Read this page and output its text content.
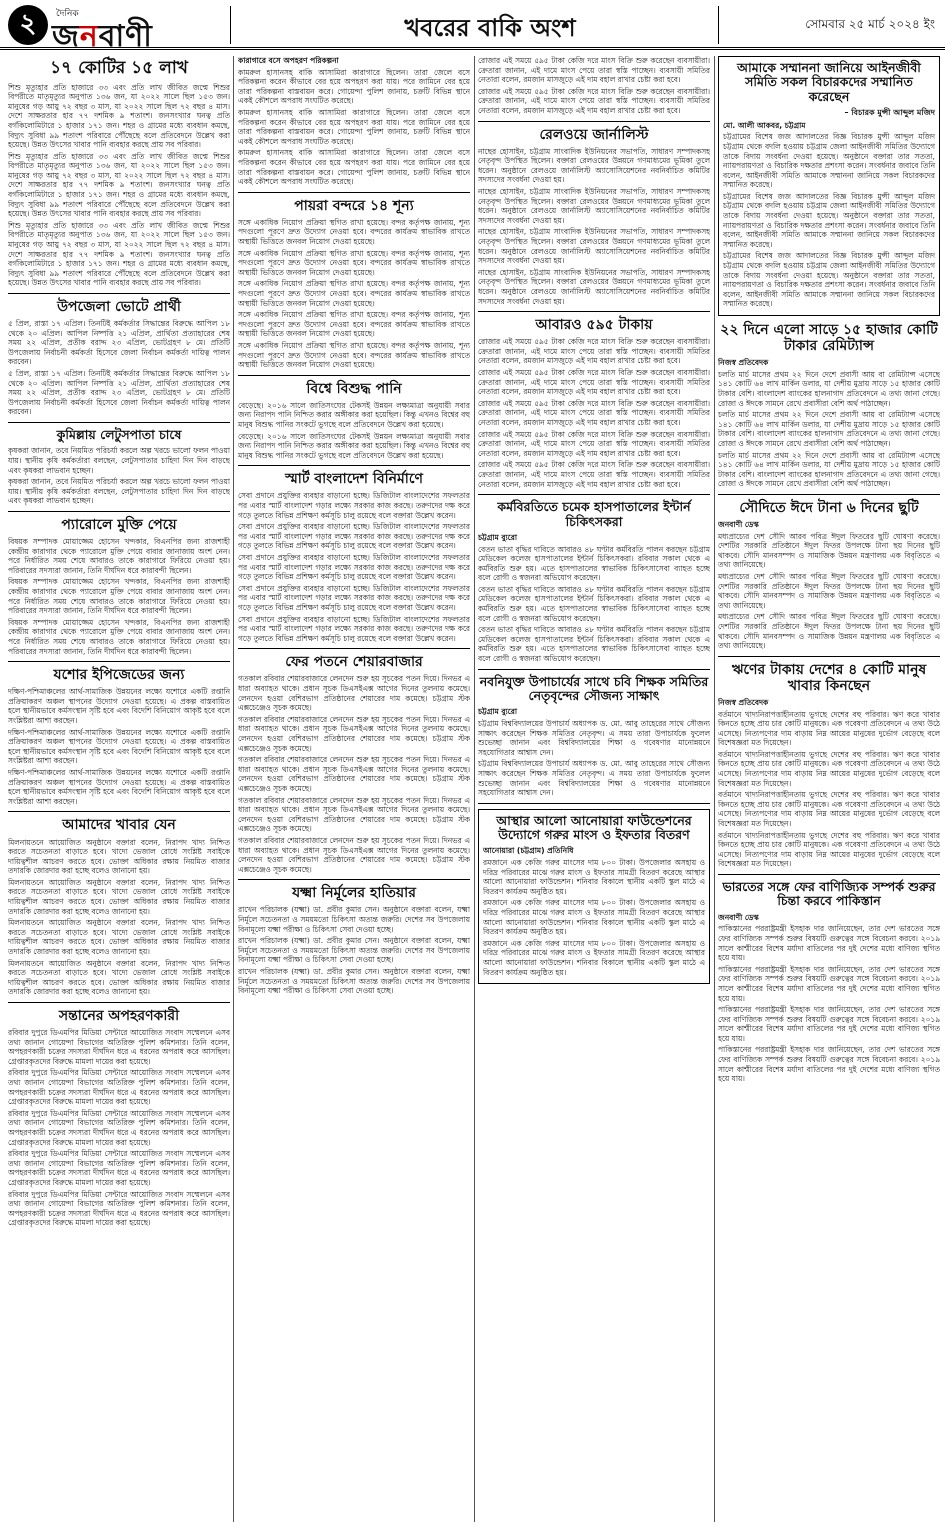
২	দৈনিক
জনবাণী	খবরের বাকি অংশ	সোমবার ২৫ মার্চ ২০২৪ ইং
১৭ কোটির ১৫ লাখ

শিশু মৃত্যুহার প্রতি হাজারে ৩৩ এবং প্রতি লাখ জীবিত জন্মে শিশুর বিপরীতে মাতৃমৃত্যুর অনুপাত ১৩৬ জন, যা ২০২২ সালে ছিল ১৫৩ জন। মানুষের গড় আয়ু ৭২ বছর ৩ মাস, যা ২০২২ সালে ছিল ৭২ বছর ৪ মাস। দেশে সাক্ষরতার হার ৭৭ দশমিক ৯ শতাংশ। জনসংখ্যার ঘনত্ব প্রতি বর্গকিলোমিটারে ১ হাজার ১৭১ জন। শহর ও গ্রামের মধ্যে ব্যবধান কমছে, বিদ্যুৎ সুবিধা ৯৯ শতাংশ পরিবারে পৌঁছেছে বলে প্রতিবেদনে উল্লেখ করা হয়েছে। উন্নত উৎসের খাবার পানি ব্যবহার করছে প্রায় সব পরিবার।

শিশু মৃত্যুহার প্রতি হাজারে ৩৩ এবং প্রতি লাখ জীবিত জন্মে শিশুর বিপরীতে মাতৃমৃত্যুর অনুপাত ১৩৬ জন, যা ২০২২ সালে ছিল ১৫৩ জন। মানুষের গড় আয়ু ৭২ বছর ৩ মাস, যা ২০২২ সালে ছিল ৭২ বছর ৪ মাস। দেশে সাক্ষরতার হার ৭৭ দশমিক ৯ শতাংশ। জনসংখ্যার ঘনত্ব প্রতি বর্গকিলোমিটারে ১ হাজার ১৭১ জন। শহর ও গ্রামের মধ্যে ব্যবধান কমছে, বিদ্যুৎ সুবিধা ৯৯ শতাংশ পরিবারে পৌঁছেছে বলে প্রতিবেদনে উল্লেখ করা হয়েছে। উন্নত উৎসের খাবার পানি ব্যবহার করছে প্রায় সব পরিবার।

শিশু মৃত্যুহার প্রতি হাজারে ৩৩ এবং প্রতি লাখ জীবিত জন্মে শিশুর বিপরীতে মাতৃমৃত্যুর অনুপাত ১৩৬ জন, যা ২০২২ সালে ছিল ১৫৩ জন। মানুষের গড় আয়ু ৭২ বছর ৩ মাস, যা ২০২২ সালে ছিল ৭২ বছর ৪ মাস। দেশে সাক্ষরতার হার ৭৭ দশমিক ৯ শতাংশ। জনসংখ্যার ঘনত্ব প্রতি বর্গকিলোমিটারে ১ হাজার ১৭১ জন। শহর ও গ্রামের মধ্যে ব্যবধান কমছে, বিদ্যুৎ সুবিধা ৯৯ শতাংশ পরিবারে পৌঁছেছে বলে প্রতিবেদনে উল্লেখ করা হয়েছে। উন্নত উৎসের খাবার পানি ব্যবহার করছে প্রায় সব পরিবার।

উপজেলা ভোটে প্রার্থী

৫ প্রিল, রাস্তা ১৭ এপ্রিল। তিনটিই কর্মকর্তার সিদ্ধান্তের বিরুদ্ধে আপিল ১৮ থেকে ২০ এপ্রিল। আপিল নিষ্পত্তি ২১ এপ্রিল, প্রার্থিতা প্রত্যাহারের শেষ সময় ২২ এপ্রিল, প্রতীক বরাদ্দ ২৩ এপ্রিল, ভোটগ্রহণ ৮ মে। প্রতিটি উপজেলায় নির্বাচনী কর্মকর্তা হিসেবে জেলা নির্বাচন কর্মকর্তা দায়িত্ব পালন করবেন।

৫ প্রিল, রাস্তা ১৭ এপ্রিল। তিনটিই কর্মকর্তার সিদ্ধান্তের বিরুদ্ধে আপিল ১৮ থেকে ২০ এপ্রিল। আপিল নিষ্পত্তি ২১ এপ্রিল, প্রার্থিতা প্রত্যাহারের শেষ সময় ২২ এপ্রিল, প্রতীক বরাদ্দ ২৩ এপ্রিল, ভোটগ্রহণ ৮ মে। প্রতিটি উপজেলায় নির্বাচনী কর্মকর্তা হিসেবে জেলা নির্বাচন কর্মকর্তা দায়িত্ব পালন করবেন।

কুমিল্লায় লেটুসপাতা চাষে

কৃষকরা জানান, তবে নিয়মিত পরিচর্যা করলে অল্প খরচে ভালো ফলন পাওয়া যায়। স্থানীয় কৃষি কর্মকর্তারা বলছেন, লেটুসপাতার চাহিদা দিন দিন বাড়ছে এবং কৃষকরা লাভবান হচ্ছেন।

কৃষকরা জানান, তবে নিয়মিত পরিচর্যা করলে অল্প খরচে ভালো ফলন পাওয়া যায়। স্থানীয় কৃষি কর্মকর্তারা বলছেন, লেটুসপাতার চাহিদা দিন দিন বাড়ছে এবং কৃষকরা লাভবান হচ্ছেন।

প্যারোলে মুক্তি পেয়ে

বিষয়ক সম্পাদক মোয়াজ্জেম হোসেন খন্দকার, বিএনপির জন্য রাজশাহী কেন্দ্রীয় কারাগার থেকে প্যারোলে মুক্তি পেয়ে বাবার জানাজায় অংশ নেন। পরে নির্ধারিত সময় শেষে আবারও তাকে কারাগারে ফিরিয়ে নেওয়া হয়। পরিবারের সদস্যরা জানান, তিনি দীর্ঘদিন ধরে কারাবন্দী ছিলেন।

বিষয়ক সম্পাদক মোয়াজ্জেম হোসেন খন্দকার, বিএনপির জন্য রাজশাহী কেন্দ্রীয় কারাগার থেকে প্যারোলে মুক্তি পেয়ে বাবার জানাজায় অংশ নেন। পরে নির্ধারিত সময় শেষে আবারও তাকে কারাগারে ফিরিয়ে নেওয়া হয়। পরিবারের সদস্যরা জানান, তিনি দীর্ঘদিন ধরে কারাবন্দী ছিলেন।

বিষয়ক সম্পাদক মোয়াজ্জেম হোসেন খন্দকার, বিএনপির জন্য রাজশাহী কেন্দ্রীয় কারাগার থেকে প্যারোলে মুক্তি পেয়ে বাবার জানাজায় অংশ নেন। পরে নির্ধারিত সময় শেষে আবারও তাকে কারাগারে ফিরিয়ে নেওয়া হয়। পরিবারের সদস্যরা জানান, তিনি দীর্ঘদিন ধরে কারাবন্দী ছিলেন।

যশোর ইপিজেডের জন্য

দক্ষিণ-পশ্চিমাঞ্চলের আর্থ-সামাজিক উন্নয়নের লক্ষ্যে যশোরে একটি রপ্তানি প্রক্রিয়াকরণ অঞ্চল স্থাপনের উদ্যোগ নেওয়া হয়েছে। এ প্রকল্প বাস্তবায়িত হলে স্থানীয়ভাবে কর্মসংস্থান সৃষ্টি হবে এবং বিদেশি বিনিয়োগ আকৃষ্ট হবে বলে সংশ্লিষ্টরা আশা করছেন।

দক্ষিণ-পশ্চিমাঞ্চলের আর্থ-সামাজিক উন্নয়নের লক্ষ্যে যশোরে একটি রপ্তানি প্রক্রিয়াকরণ অঞ্চল স্থাপনের উদ্যোগ নেওয়া হয়েছে। এ প্রকল্প বাস্তবায়িত হলে স্থানীয়ভাবে কর্মসংস্থান সৃষ্টি হবে এবং বিদেশি বিনিয়োগ আকৃষ্ট হবে বলে সংশ্লিষ্টরা আশা করছেন।

দক্ষিণ-পশ্চিমাঞ্চলের আর্থ-সামাজিক উন্নয়নের লক্ষ্যে যশোরে একটি রপ্তানি প্রক্রিয়াকরণ অঞ্চল স্থাপনের উদ্যোগ নেওয়া হয়েছে। এ প্রকল্প বাস্তবায়িত হলে স্থানীয়ভাবে কর্মসংস্থান সৃষ্টি হবে এবং বিদেশি বিনিয়োগ আকৃষ্ট হবে বলে সংশ্লিষ্টরা আশা করছেন।

আমাদের খাবার যেন

মিলনায়তনে আয়োজিত অনুষ্ঠানে বক্তারা বলেন, নিরাপদ খাদ্য নিশ্চিত করতে সচেতনতা বাড়াতে হবে। খাদ্যে ভেজাল রোধে সংশ্লিষ্ট সবাইকে দায়িত্বশীল আচরণ করতে হবে। ভোক্তা অধিকার রক্ষায় নিয়মিত বাজার তদারকি জোরদার করা হচ্ছে বলেও জানানো হয়।

মিলনায়তনে আয়োজিত অনুষ্ঠানে বক্তারা বলেন, নিরাপদ খাদ্য নিশ্চিত করতে সচেতনতা বাড়াতে হবে। খাদ্যে ভেজাল রোধে সংশ্লিষ্ট সবাইকে দায়িত্বশীল আচরণ করতে হবে। ভোক্তা অধিকার রক্ষায় নিয়মিত বাজার তদারকি জোরদার করা হচ্ছে বলেও জানানো হয়।

মিলনায়তনে আয়োজিত অনুষ্ঠানে বক্তারা বলেন, নিরাপদ খাদ্য নিশ্চিত করতে সচেতনতা বাড়াতে হবে। খাদ্যে ভেজাল রোধে সংশ্লিষ্ট সবাইকে দায়িত্বশীল আচরণ করতে হবে। ভোক্তা অধিকার রক্ষায় নিয়মিত বাজার তদারকি জোরদার করা হচ্ছে বলেও জানানো হয়।

মিলনায়তনে আয়োজিত অনুষ্ঠানে বক্তারা বলেন, নিরাপদ খাদ্য নিশ্চিত করতে সচেতনতা বাড়াতে হবে। খাদ্যে ভেজাল রোধে সংশ্লিষ্ট সবাইকে দায়িত্বশীল আচরণ করতে হবে। ভোক্তা অধিকার রক্ষায় নিয়মিত বাজার তদারকি জোরদার করা হচ্ছে বলেও জানানো হয়।

সন্তানের অপহরণকারী

রবিবার দুপুরে ডিএমপির মিডিয়া সেন্টারে আয়োজিত সংবাদ সম্মেলনে এসব তথ্য জানান গোয়েন্দা বিভাগের অতিরিক্ত পুলিশ কমিশনার। তিনি বলেন, অপহরণকারী চক্রের সদস্যরা দীর্ঘদিন ধরে এ ধরনের অপরাধ করে আসছিল। গ্রেপ্তারকৃতদের বিরুদ্ধে মামলা দায়ের করা হয়েছে।

রবিবার দুপুরে ডিএমপির মিডিয়া সেন্টারে আয়োজিত সংবাদ সম্মেলনে এসব তথ্য জানান গোয়েন্দা বিভাগের অতিরিক্ত পুলিশ কমিশনার। তিনি বলেন, অপহরণকারী চক্রের সদস্যরা দীর্ঘদিন ধরে এ ধরনের অপরাধ করে আসছিল। গ্রেপ্তারকৃতদের বিরুদ্ধে মামলা দায়ের করা হয়েছে।

রবিবার দুপুরে ডিএমপির মিডিয়া সেন্টারে আয়োজিত সংবাদ সম্মেলনে এসব তথ্য জানান গোয়েন্দা বিভাগের অতিরিক্ত পুলিশ কমিশনার। তিনি বলেন, অপহরণকারী চক্রের সদস্যরা দীর্ঘদিন ধরে এ ধরনের অপরাধ করে আসছিল। গ্রেপ্তারকৃতদের বিরুদ্ধে মামলা দায়ের করা হয়েছে।

রবিবার দুপুরে ডিএমপির মিডিয়া সেন্টারে আয়োজিত সংবাদ সম্মেলনে এসব তথ্য জানান গোয়েন্দা বিভাগের অতিরিক্ত পুলিশ কমিশনার। তিনি বলেন, অপহরণকারী চক্রের সদস্যরা দীর্ঘদিন ধরে এ ধরনের অপরাধ করে আসছিল। গ্রেপ্তারকৃতদের বিরুদ্ধে মামলা দায়ের করা হয়েছে।

রবিবার দুপুরে ডিএমপির মিডিয়া সেন্টারে আয়োজিত সংবাদ সম্মেলনে এসব তথ্য জানান গোয়েন্দা বিভাগের অতিরিক্ত পুলিশ কমিশনার। তিনি বলেন, অপহরণকারী চক্রের সদস্যরা দীর্ঘদিন ধরে এ ধরনের অপরাধ করে আসছিল। গ্রেপ্তারকৃতদের বিরুদ্ধে মামলা দায়ের করা হয়েছে।

কারাগারে বসে অপহরণ পরিকল্পনা

কামরুল হাসানসহ বাকি আসামিরা কারাগারে ছিলেন। তারা জেলে বসে পরিকল্পনা করেন কীভাবে বের হয়ে অপহরণ করা যায়। পরে জামিনে বের হয়ে তারা পরিকল্পনা বাস্তবায়ন করে। গোয়েন্দা পুলিশ জানায়, চক্রটি বিভিন্ন স্থানে একই কৌশলে অপরাধ সংঘটিত করেছে।

কামরুল হাসানসহ বাকি আসামিরা কারাগারে ছিলেন। তারা জেলে বসে পরিকল্পনা করেন কীভাবে বের হয়ে অপহরণ করা যায়। পরে জামিনে বের হয়ে তারা পরিকল্পনা বাস্তবায়ন করে। গোয়েন্দা পুলিশ জানায়, চক্রটি বিভিন্ন স্থানে একই কৌশলে অপরাধ সংঘটিত করেছে।

কামরুল হাসানসহ বাকি আসামিরা কারাগারে ছিলেন। তারা জেলে বসে পরিকল্পনা করেন কীভাবে বের হয়ে অপহরণ করা যায়। পরে জামিনে বের হয়ে তারা পরিকল্পনা বাস্তবায়ন করে। গোয়েন্দা পুলিশ জানায়, চক্রটি বিভিন্ন স্থানে একই কৌশলে অপরাধ সংঘটিত করেছে।

পায়রা বন্দরে ১৪ শূন্য

সঙ্গে একাধিক নিয়োগ প্রক্রিয়া স্থগিত রাখা হয়েছে। বন্দর কর্তৃপক্ষ জানায়, শূন্য পদগুলো পূরণে দ্রুত উদ্যোগ নেওয়া হবে। বন্দরের কার্যক্রম স্বাভাবিক রাখতে অস্থায়ী ভিত্তিতে জনবল নিয়োগ দেওয়া হয়েছে।

সঙ্গে একাধিক নিয়োগ প্রক্রিয়া স্থগিত রাখা হয়েছে। বন্দর কর্তৃপক্ষ জানায়, শূন্য পদগুলো পূরণে দ্রুত উদ্যোগ নেওয়া হবে। বন্দরের কার্যক্রম স্বাভাবিক রাখতে অস্থায়ী ভিত্তিতে জনবল নিয়োগ দেওয়া হয়েছে।

সঙ্গে একাধিক নিয়োগ প্রক্রিয়া স্থগিত রাখা হয়েছে। বন্দর কর্তৃপক্ষ জানায়, শূন্য পদগুলো পূরণে দ্রুত উদ্যোগ নেওয়া হবে। বন্দরের কার্যক্রম স্বাভাবিক রাখতে অস্থায়ী ভিত্তিতে জনবল নিয়োগ দেওয়া হয়েছে।

সঙ্গে একাধিক নিয়োগ প্রক্রিয়া স্থগিত রাখা হয়েছে। বন্দর কর্তৃপক্ষ জানায়, শূন্য পদগুলো পূরণে দ্রুত উদ্যোগ নেওয়া হবে। বন্দরের কার্যক্রম স্বাভাবিক রাখতে অস্থায়ী ভিত্তিতে জনবল নিয়োগ দেওয়া হয়েছে।

সঙ্গে একাধিক নিয়োগ প্রক্রিয়া স্থগিত রাখা হয়েছে। বন্দর কর্তৃপক্ষ জানায়, শূন্য পদগুলো পূরণে দ্রুত উদ্যোগ নেওয়া হবে। বন্দরের কার্যক্রম স্বাভাবিক রাখতে অস্থায়ী ভিত্তিতে জনবল নিয়োগ দেওয়া হয়েছে।

বিশ্বে বিশুদ্ধ পানি

বেড়েছে। ২০১৬ সালে জাতিসংঘের টেকসই উন্নয়ন লক্ষ্যমাত্রা অনুযায়ী সবার জন্য নিরাপদ পানি নিশ্চিত করার অঙ্গীকার করা হয়েছিল। কিন্তু এখনও বিশ্বের বহু মানুষ বিশুদ্ধ পানির সংকটে ভুগছে বলে প্রতিবেদনে উল্লেখ করা হয়েছে।

বেড়েছে। ২০১৬ সালে জাতিসংঘের টেকসই উন্নয়ন লক্ষ্যমাত্রা অনুযায়ী সবার জন্য নিরাপদ পানি নিশ্চিত করার অঙ্গীকার করা হয়েছিল। কিন্তু এখনও বিশ্বের বহু মানুষ বিশুদ্ধ পানির সংকটে ভুগছে বলে প্রতিবেদনে উল্লেখ করা হয়েছে।

স্মার্ট বাংলাদেশ বিনির্মাণে

সেবা প্রদানে প্রযুক্তির ব্যবহার বাড়ানো হচ্ছে। ডিজিটাল বাংলাদেশের সফলতার পর এবার স্মার্ট বাংলাদেশ গড়ার লক্ষ্যে সরকার কাজ করছে। তরুণদের দক্ষ করে গড়ে তুলতে বিভিন্ন প্রশিক্ষণ কর্মসূচি চালু রয়েছে বলে বক্তারা উল্লেখ করেন।

সেবা প্রদানে প্রযুক্তির ব্যবহার বাড়ানো হচ্ছে। ডিজিটাল বাংলাদেশের সফলতার পর এবার স্মার্ট বাংলাদেশ গড়ার লক্ষ্যে সরকার কাজ করছে। তরুণদের দক্ষ করে গড়ে তুলতে বিভিন্ন প্রশিক্ষণ কর্মসূচি চালু রয়েছে বলে বক্তারা উল্লেখ করেন।

সেবা প্রদানে প্রযুক্তির ব্যবহার বাড়ানো হচ্ছে। ডিজিটাল বাংলাদেশের সফলতার পর এবার স্মার্ট বাংলাদেশ গড়ার লক্ষ্যে সরকার কাজ করছে। তরুণদের দক্ষ করে গড়ে তুলতে বিভিন্ন প্রশিক্ষণ কর্মসূচি চালু রয়েছে বলে বক্তারা উল্লেখ করেন।

সেবা প্রদানে প্রযুক্তির ব্যবহার বাড়ানো হচ্ছে। ডিজিটাল বাংলাদেশের সফলতার পর এবার স্মার্ট বাংলাদেশ গড়ার লক্ষ্যে সরকার কাজ করছে। তরুণদের দক্ষ করে গড়ে তুলতে বিভিন্ন প্রশিক্ষণ কর্মসূচি চালু রয়েছে বলে বক্তারা উল্লেখ করেন।

সেবা প্রদানে প্রযুক্তির ব্যবহার বাড়ানো হচ্ছে। ডিজিটাল বাংলাদেশের সফলতার পর এবার স্মার্ট বাংলাদেশ গড়ার লক্ষ্যে সরকার কাজ করছে। তরুণদের দক্ষ করে গড়ে তুলতে বিভিন্ন প্রশিক্ষণ কর্মসূচি চালু রয়েছে বলে বক্তারা উল্লেখ করেন।

ফের পতনে শেয়ারবাজার

গতকাল রবিবার শেয়ারবাজারে লেনদেন শুরু হয় সূচকের পতন দিয়ে। দিনভর এ ধারা অব্যাহত থাকে। প্রধান সূচক ডিএসইএক্স আগের দিনের তুলনায় কমেছে। লেনদেন হওয়া বেশিরভাগ প্রতিষ্ঠানের শেয়ারের দাম কমেছে। চট্টগ্রাম স্টক এক্সচেঞ্জেও সূচক কমেছে।

গতকাল রবিবার শেয়ারবাজারে লেনদেন শুরু হয় সূচকের পতন দিয়ে। দিনভর এ ধারা অব্যাহত থাকে। প্রধান সূচক ডিএসইএক্স আগের দিনের তুলনায় কমেছে। লেনদেন হওয়া বেশিরভাগ প্রতিষ্ঠানের শেয়ারের দাম কমেছে। চট্টগ্রাম স্টক এক্সচেঞ্জেও সূচক কমেছে।

গতকাল রবিবার শেয়ারবাজারে লেনদেন শুরু হয় সূচকের পতন দিয়ে। দিনভর এ ধারা অব্যাহত থাকে। প্রধান সূচক ডিএসইএক্স আগের দিনের তুলনায় কমেছে। লেনদেন হওয়া বেশিরভাগ প্রতিষ্ঠানের শেয়ারের দাম কমেছে। চট্টগ্রাম স্টক এক্সচেঞ্জেও সূচক কমেছে।

গতকাল রবিবার শেয়ারবাজারে লেনদেন শুরু হয় সূচকের পতন দিয়ে। দিনভর এ ধারা অব্যাহত থাকে। প্রধান সূচক ডিএসইএক্স আগের দিনের তুলনায় কমেছে। লেনদেন হওয়া বেশিরভাগ প্রতিষ্ঠানের শেয়ারের দাম কমেছে। চট্টগ্রাম স্টক এক্সচেঞ্জেও সূচক কমেছে।

গতকাল রবিবার শেয়ারবাজারে লেনদেন শুরু হয় সূচকের পতন দিয়ে। দিনভর এ ধারা অব্যাহত থাকে। প্রধান সূচক ডিএসইএক্স আগের দিনের তুলনায় কমেছে। লেনদেন হওয়া বেশিরভাগ প্রতিষ্ঠানের শেয়ারের দাম কমেছে। চট্টগ্রাম স্টক এক্সচেঞ্জেও সূচক কমেছে।

যক্ষ্মা নির্মূলের হাতিয়ার

রাখেন পরিচালক (যক্ষ্মা) ডা. প্রবীর কুমার সেন। অনুষ্ঠানে বক্তারা বলেন, যক্ষ্মা নির্মূলে সচেতনতা ও সময়মতো চিকিৎসা অত্যন্ত জরুরি। দেশের সব উপজেলায় বিনামূল্যে যক্ষ্মা পরীক্ষা ও চিকিৎসা সেবা দেওয়া হচ্ছে।

রাখেন পরিচালক (যক্ষ্মা) ডা. প্রবীর কুমার সেন। অনুষ্ঠানে বক্তারা বলেন, যক্ষ্মা নির্মূলে সচেতনতা ও সময়মতো চিকিৎসা অত্যন্ত জরুরি। দেশের সব উপজেলায় বিনামূল্যে যক্ষ্মা পরীক্ষা ও চিকিৎসা সেবা দেওয়া হচ্ছে।

রাখেন পরিচালক (যক্ষ্মা) ডা. প্রবীর কুমার সেন। অনুষ্ঠানে বক্তারা বলেন, যক্ষ্মা নির্মূলে সচেতনতা ও সময়মতো চিকিৎসা অত্যন্ত জরুরি। দেশের সব উপজেলায় বিনামূল্যে যক্ষ্মা পরীক্ষা ও চিকিৎসা সেবা দেওয়া হচ্ছে।

রোজার এই সময়ে ৫৯৫ টাকা কেজি দরে মাংস বিক্রি শুরু করেছেন ব্যবসায়ীরা। ক্রেতারা জানান, এই দামে মাংস পেয়ে তারা স্বস্তি পাচ্ছেন। ব্যবসায়ী সমিতির নেতারা বলেন, রমজান মাসজুড়ে এই দাম বহাল রাখার চেষ্টা করা হবে।

রোজার এই সময়ে ৫৯৫ টাকা কেজি দরে মাংস বিক্রি শুরু করেছেন ব্যবসায়ীরা। ক্রেতারা জানান, এই দামে মাংস পেয়ে তারা স্বস্তি পাচ্ছেন। ব্যবসায়ী সমিতির নেতারা বলেন, রমজান মাসজুড়ে এই দাম বহাল রাখার চেষ্টা করা হবে।

রেলওয়ে জার্নালিস্ট

নাছের হোসাইন, চট্টগ্রাম সাংবাদিক ইউনিয়নের সভাপতি, সাধারণ সম্পাদকসহ নেতৃবৃন্দ উপস্থিত ছিলেন। বক্তারা রেলওয়ের উন্নয়নে গণমাধ্যমের ভূমিকা তুলে ধরেন। অনুষ্ঠানে রেলওয়ে জার্নালিস্ট অ্যাসোসিয়েশনের নবনির্বাচিত কমিটির সদস্যদের সংবর্ধনা দেওয়া হয়।

নাছের হোসাইন, চট্টগ্রাম সাংবাদিক ইউনিয়নের সভাপতি, সাধারণ সম্পাদকসহ নেতৃবৃন্দ উপস্থিত ছিলেন। বক্তারা রেলওয়ের উন্নয়নে গণমাধ্যমের ভূমিকা তুলে ধরেন। অনুষ্ঠানে রেলওয়ে জার্নালিস্ট অ্যাসোসিয়েশনের নবনির্বাচিত কমিটির সদস্যদের সংবর্ধনা দেওয়া হয়।

নাছের হোসাইন, চট্টগ্রাম সাংবাদিক ইউনিয়নের সভাপতি, সাধারণ সম্পাদকসহ নেতৃবৃন্দ উপস্থিত ছিলেন। বক্তারা রেলওয়ের উন্নয়নে গণমাধ্যমের ভূমিকা তুলে ধরেন। অনুষ্ঠানে রেলওয়ে জার্নালিস্ট অ্যাসোসিয়েশনের নবনির্বাচিত কমিটির সদস্যদের সংবর্ধনা দেওয়া হয়।

নাছের হোসাইন, চট্টগ্রাম সাংবাদিক ইউনিয়নের সভাপতি, সাধারণ সম্পাদকসহ নেতৃবৃন্দ উপস্থিত ছিলেন। বক্তারা রেলওয়ের উন্নয়নে গণমাধ্যমের ভূমিকা তুলে ধরেন। অনুষ্ঠানে রেলওয়ে জার্নালিস্ট অ্যাসোসিয়েশনের নবনির্বাচিত কমিটির সদস্যদের সংবর্ধনা দেওয়া হয়।

আবারও ৫৯৫ টাকায়

রোজার এই সময়ে ৫৯৫ টাকা কেজি দরে মাংস বিক্রি শুরু করেছেন ব্যবসায়ীরা। ক্রেতারা জানান, এই দামে মাংস পেয়ে তারা স্বস্তি পাচ্ছেন। ব্যবসায়ী সমিতির নেতারা বলেন, রমজান মাসজুড়ে এই দাম বহাল রাখার চেষ্টা করা হবে।

রোজার এই সময়ে ৫৯৫ টাকা কেজি দরে মাংস বিক্রি শুরু করেছেন ব্যবসায়ীরা। ক্রেতারা জানান, এই দামে মাংস পেয়ে তারা স্বস্তি পাচ্ছেন। ব্যবসায়ী সমিতির নেতারা বলেন, রমজান মাসজুড়ে এই দাম বহাল রাখার চেষ্টা করা হবে।

রোজার এই সময়ে ৫৯৫ টাকা কেজি দরে মাংস বিক্রি শুরু করেছেন ব্যবসায়ীরা। ক্রেতারা জানান, এই দামে মাংস পেয়ে তারা স্বস্তি পাচ্ছেন। ব্যবসায়ী সমিতির নেতারা বলেন, রমজান মাসজুড়ে এই দাম বহাল রাখার চেষ্টা করা হবে।

রোজার এই সময়ে ৫৯৫ টাকা কেজি দরে মাংস বিক্রি শুরু করেছেন ব্যবসায়ীরা। ক্রেতারা জানান, এই দামে মাংস পেয়ে তারা স্বস্তি পাচ্ছেন। ব্যবসায়ী সমিতির নেতারা বলেন, রমজান মাসজুড়ে এই দাম বহাল রাখার চেষ্টা করা হবে।

রোজার এই সময়ে ৫৯৫ টাকা কেজি দরে মাংস বিক্রি শুরু করেছেন ব্যবসায়ীরা। ক্রেতারা জানান, এই দামে মাংস পেয়ে তারা স্বস্তি পাচ্ছেন। ব্যবসায়ী সমিতির নেতারা বলেন, রমজান মাসজুড়ে এই দাম বহাল রাখার চেষ্টা করা হবে।

কর্মবিরতিতে চমেক হাসপাতালের ইন্টার্ন চিকিৎসকরা
চট্টগ্রাম ব্যুরো

বেতন ভাতা বৃদ্ধির দাবিতে আবারও ৪৮ ঘণ্টার কর্মবিরতি পালন করছেন চট্টগ্রাম মেডিকেল কলেজ হাসপাতালের ইন্টার্ন চিকিৎসকরা। রবিবার সকাল থেকে এ কর্মবিরতি শুরু হয়। এতে হাসপাতালের স্বাভাবিক চিকিৎসাসেবা ব্যাহত হচ্ছে বলে রোগী ও স্বজনরা অভিযোগ করেছেন।

বেতন ভাতা বৃদ্ধির দাবিতে আবারও ৪৮ ঘণ্টার কর্মবিরতি পালন করছেন চট্টগ্রাম মেডিকেল কলেজ হাসপাতালের ইন্টার্ন চিকিৎসকরা। রবিবার সকাল থেকে এ কর্মবিরতি শুরু হয়। এতে হাসপাতালের স্বাভাবিক চিকিৎসাসেবা ব্যাহত হচ্ছে বলে রোগী ও স্বজনরা অভিযোগ করেছেন।

বেতন ভাতা বৃদ্ধির দাবিতে আবারও ৪৮ ঘণ্টার কর্মবিরতি পালন করছেন চট্টগ্রাম মেডিকেল কলেজ হাসপাতালের ইন্টার্ন চিকিৎসকরা। রবিবার সকাল থেকে এ কর্মবিরতি শুরু হয়। এতে হাসপাতালের স্বাভাবিক চিকিৎসাসেবা ব্যাহত হচ্ছে বলে রোগী ও স্বজনরা অভিযোগ করেছেন।

নবনিযুক্ত উপাচার্যের সাথে চবি শিক্ষক সমিতির নেতৃবৃন্দের সৌজন্য সাক্ষাৎ
চট্টগ্রাম ব্যুরো

চট্টগ্রাম বিশ্ববিদ্যালয়ের উপাচার্য অধ্যাপক ড. মো. আবু তাহেরের সাথে সৌজন্য সাক্ষাৎ করেছেন শিক্ষক সমিতির নেতৃবৃন্দ। এ সময় তারা উপাচার্যকে ফুলেল শুভেচ্ছা জানান এবং বিশ্ববিদ্যালয়ের শিক্ষা ও গবেষণার মানোন্নয়নে সহযোগিতার আশ্বাস দেন।

চট্টগ্রাম বিশ্ববিদ্যালয়ের উপাচার্য অধ্যাপক ড. মো. আবু তাহেরের সাথে সৌজন্য সাক্ষাৎ করেছেন শিক্ষক সমিতির নেতৃবৃন্দ। এ সময় তারা উপাচার্যকে ফুলেল শুভেচ্ছা জানান এবং বিশ্ববিদ্যালয়ের শিক্ষা ও গবেষণার মানোন্নয়নে সহযোগিতার আশ্বাস দেন।

আস্থার আলো আনোয়ারা ফাউন্ডেশনের উদ্যোগে গরুর মাংস ও ইফতার বিতরণ
আনোয়ারা (চট্টগ্রাম) প্রতিনিধি

রমজানে এক কেজি গরুর মাংসের দাম ৮০০ টাকা। উপজেলার অসহায় ও দরিদ্র পরিবারের মাঝে গরুর মাংস ও ইফতার সামগ্রী বিতরণ করেছে আস্থার আলো আনোয়ারা ফাউন্ডেশন। শনিবার বিকালে স্থানীয় একটি স্কুল মাঠে এ বিতরণ কার্যক্রম অনুষ্ঠিত হয়।

রমজানে এক কেজি গরুর মাংসের দাম ৮০০ টাকা। উপজেলার অসহায় ও দরিদ্র পরিবারের মাঝে গরুর মাংস ও ইফতার সামগ্রী বিতরণ করেছে আস্থার আলো আনোয়ারা ফাউন্ডেশন। শনিবার বিকালে স্থানীয় একটি স্কুল মাঠে এ বিতরণ কার্যক্রম অনুষ্ঠিত হয়।

রমজানে এক কেজি গরুর মাংসের দাম ৮০০ টাকা। উপজেলার অসহায় ও দরিদ্র পরিবারের মাঝে গরুর মাংস ও ইফতার সামগ্রী বিতরণ করেছে আস্থার আলো আনোয়ারা ফাউন্ডেশন। শনিবার বিকালে স্থানীয় একটি স্কুল মাঠে এ বিতরণ কার্যক্রম অনুষ্ঠিত হয়।

আমাকে সম্মাননা জানিয়ে আইনজীবী সমিতি সকল বিচারকদের সম্মানিত করেছেন
– বিচারক মুন্সী আব্দুল মজিদ
মো. আলী আকবর, চট্টগ্রাম

চট্টগ্রামের বিশেষ জজ আদালতের বিজ্ঞ বিচারক মুন্সী আব্দুল মজিদ চট্টগ্রাম থেকে বদলি হওয়ায় চট্টগ্রাম জেলা আইনজীবী সমিতির উদ্যোগে তাকে বিদায় সংবর্ধনা দেওয়া হয়েছে। অনুষ্ঠানে বক্তারা তার সততা, ন্যায়পরায়ণতা ও বিচারিক দক্ষতার প্রশংসা করেন। সংবর্ধনার জবাবে তিনি বলেন, আইনজীবী সমিতি আমাকে সম্মাননা জানিয়ে সকল বিচারকদের সম্মানিত করেছে।

চট্টগ্রামের বিশেষ জজ আদালতের বিজ্ঞ বিচারক মুন্সী আব্দুল মজিদ চট্টগ্রাম থেকে বদলি হওয়ায় চট্টগ্রাম জেলা আইনজীবী সমিতির উদ্যোগে তাকে বিদায় সংবর্ধনা দেওয়া হয়েছে। অনুষ্ঠানে বক্তারা তার সততা, ন্যায়পরায়ণতা ও বিচারিক দক্ষতার প্রশংসা করেন। সংবর্ধনার জবাবে তিনি বলেন, আইনজীবী সমিতি আমাকে সম্মাননা জানিয়ে সকল বিচারকদের সম্মানিত করেছে।

চট্টগ্রামের বিশেষ জজ আদালতের বিজ্ঞ বিচারক মুন্সী আব্দুল মজিদ চট্টগ্রাম থেকে বদলি হওয়ায় চট্টগ্রাম জেলা আইনজীবী সমিতির উদ্যোগে তাকে বিদায় সংবর্ধনা দেওয়া হয়েছে। অনুষ্ঠানে বক্তারা তার সততা, ন্যায়পরায়ণতা ও বিচারিক দক্ষতার প্রশংসা করেন। সংবর্ধনার জবাবে তিনি বলেন, আইনজীবী সমিতি আমাকে সম্মাননা জানিয়ে সকল বিচারকদের সম্মানিত করেছে।

২২ দিনে এলো সাড়ে ১৫ হাজার কোটি টাকার রেমিট্যান্স
নিজস্ব প্রতিবেদক

চলতি মার্চ মাসের প্রথম ২২ দিনে দেশে প্রবাসী আয় বা রেমিট্যান্স এসেছে ১৪১ কোটি ৬৪ লাখ মার্কিন ডলার, যা দেশীয় মুদ্রায় সাড়ে ১৫ হাজার কোটি টাকার বেশি। বাংলাদেশ ব্যাংকের হালনাগাদ প্রতিবেদনে এ তথ্য জানা গেছে। রোজা ও ঈদকে সামনে রেখে প্রবাসীরা বেশি অর্থ পাঠাচ্ছেন।

চলতি মার্চ মাসের প্রথম ২২ দিনে দেশে প্রবাসী আয় বা রেমিট্যান্স এসেছে ১৪১ কোটি ৬৪ লাখ মার্কিন ডলার, যা দেশীয় মুদ্রায় সাড়ে ১৫ হাজার কোটি টাকার বেশি। বাংলাদেশ ব্যাংকের হালনাগাদ প্রতিবেদনে এ তথ্য জানা গেছে। রোজা ও ঈদকে সামনে রেখে প্রবাসীরা বেশি অর্থ পাঠাচ্ছেন।

চলতি মার্চ মাসের প্রথম ২২ দিনে দেশে প্রবাসী আয় বা রেমিট্যান্স এসেছে ১৪১ কোটি ৬৪ লাখ মার্কিন ডলার, যা দেশীয় মুদ্রায় সাড়ে ১৫ হাজার কোটি টাকার বেশি। বাংলাদেশ ব্যাংকের হালনাগাদ প্রতিবেদনে এ তথ্য জানা গেছে। রোজা ও ঈদকে সামনে রেখে প্রবাসীরা বেশি অর্থ পাঠাচ্ছেন।

সৌদিতে ঈদে টানা ৬ দিনের ছুটি
জনবাণী ডেস্ক

মধ্যপ্রাচ্যের দেশ সৌদি আরব পবিত্র ঈদুল ফিতরের ছুটি ঘোষণা করেছে। দেশটির সরকারি প্রতিষ্ঠানে ঈদুল ফিতর উপলক্ষে টানা ছয় দিনের ছুটি থাকবে। সৌদি মানবসম্পদ ও সামাজিক উন্নয়ন মন্ত্রণালয় এক বিবৃতিতে এ তথ্য জানিয়েছে।

মধ্যপ্রাচ্যের দেশ সৌদি আরব পবিত্র ঈদুল ফিতরের ছুটি ঘোষণা করেছে। দেশটির সরকারি প্রতিষ্ঠানে ঈদুল ফিতর উপলক্ষে টানা ছয় দিনের ছুটি থাকবে। সৌদি মানবসম্পদ ও সামাজিক উন্নয়ন মন্ত্রণালয় এক বিবৃতিতে এ তথ্য জানিয়েছে।

মধ্যপ্রাচ্যের দেশ সৌদি আরব পবিত্র ঈদুল ফিতরের ছুটি ঘোষণা করেছে। দেশটির সরকারি প্রতিষ্ঠানে ঈদুল ফিতর উপলক্ষে টানা ছয় দিনের ছুটি থাকবে। সৌদি মানবসম্পদ ও সামাজিক উন্নয়ন মন্ত্রণালয় এক বিবৃতিতে এ তথ্য জানিয়েছে।

ঋণের টাকায় দেশের ৪ কোটি মানুষ খাবার কিনছেন
নিজস্ব প্রতিবেদক

বর্তমানে খাদ্যনিরাপত্তাহীনতায় ভুগছে দেশের বহু পরিবার। ঋণ করে খাবার কিনতে হচ্ছে প্রায় চার কোটি মানুষকে। এক গবেষণা প্রতিবেদনে এ তথ্য উঠে এসেছে। নিত্যপণ্যের দাম বাড়ায় নিম্ন আয়ের মানুষের দুর্ভোগ বেড়েছে বলে বিশেষজ্ঞরা মত দিয়েছেন।

বর্তমানে খাদ্যনিরাপত্তাহীনতায় ভুগছে দেশের বহু পরিবার। ঋণ করে খাবার কিনতে হচ্ছে প্রায় চার কোটি মানুষকে। এক গবেষণা প্রতিবেদনে এ তথ্য উঠে এসেছে। নিত্যপণ্যের দাম বাড়ায় নিম্ন আয়ের মানুষের দুর্ভোগ বেড়েছে বলে বিশেষজ্ঞরা মত দিয়েছেন।

বর্তমানে খাদ্যনিরাপত্তাহীনতায় ভুগছে দেশের বহু পরিবার। ঋণ করে খাবার কিনতে হচ্ছে প্রায় চার কোটি মানুষকে। এক গবেষণা প্রতিবেদনে এ তথ্য উঠে এসেছে। নিত্যপণ্যের দাম বাড়ায় নিম্ন আয়ের মানুষের দুর্ভোগ বেড়েছে বলে বিশেষজ্ঞরা মত দিয়েছেন।

বর্তমানে খাদ্যনিরাপত্তাহীনতায় ভুগছে দেশের বহু পরিবার। ঋণ করে খাবার কিনতে হচ্ছে প্রায় চার কোটি মানুষকে। এক গবেষণা প্রতিবেদনে এ তথ্য উঠে এসেছে। নিত্যপণ্যের দাম বাড়ায় নিম্ন আয়ের মানুষের দুর্ভোগ বেড়েছে বলে বিশেষজ্ঞরা মত দিয়েছেন।

ভারতের সঙ্গে ফের বাণিজ্যিক সম্পর্ক শুরুর চিন্তা করবে পাকিস্তান
জনবাণী ডেস্ক

পাকিস্তানের পররাষ্ট্রমন্ত্রী ইসহাক দার জানিয়েছেন, তার দেশ ভারতের সঙ্গে ফের বাণিজ্যিক সম্পর্ক শুরুর বিষয়টি গুরুত্বের সঙ্গে বিবেচনা করবে। ২০১৯ সালে কাশ্মীরের বিশেষ মর্যাদা বাতিলের পর দুই দেশের মধ্যে বাণিজ্য স্থগিত হয়ে যায়।

পাকিস্তানের পররাষ্ট্রমন্ত্রী ইসহাক দার জানিয়েছেন, তার দেশ ভারতের সঙ্গে ফের বাণিজ্যিক সম্পর্ক শুরুর বিষয়টি গুরুত্বের সঙ্গে বিবেচনা করবে। ২০১৯ সালে কাশ্মীরের বিশেষ মর্যাদা বাতিলের পর দুই দেশের মধ্যে বাণিজ্য স্থগিত হয়ে যায়।

পাকিস্তানের পররাষ্ট্রমন্ত্রী ইসহাক দার জানিয়েছেন, তার দেশ ভারতের সঙ্গে ফের বাণিজ্যিক সম্পর্ক শুরুর বিষয়টি গুরুত্বের সঙ্গে বিবেচনা করবে। ২০১৯ সালে কাশ্মীরের বিশেষ মর্যাদা বাতিলের পর দুই দেশের মধ্যে বাণিজ্য স্থগিত হয়ে যায়।

পাকিস্তানের পররাষ্ট্রমন্ত্রী ইসহাক দার জানিয়েছেন, তার দেশ ভারতের সঙ্গে ফের বাণিজ্যিক সম্পর্ক শুরুর বিষয়টি গুরুত্বের সঙ্গে বিবেচনা করবে। ২০১৯ সালে কাশ্মীরের বিশেষ মর্যাদা বাতিলের পর দুই দেশের মধ্যে বাণিজ্য স্থগিত হয়ে যায়।
